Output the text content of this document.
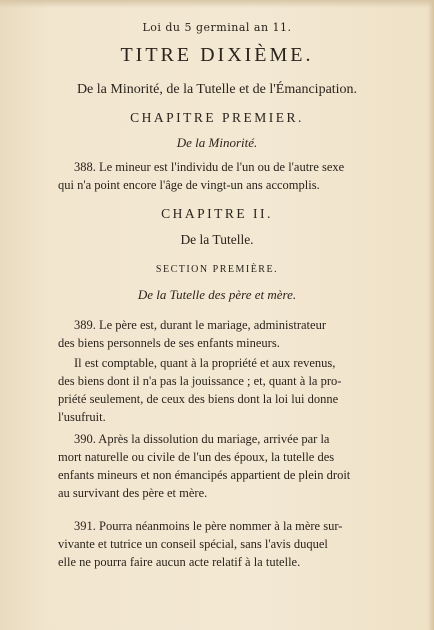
Loi du 5 germinal an 11.
TITRE DIXIÈME.
De la Minorité, de la Tutelle et de l'Émancipation.
CHAPITRE PREMIER.
De la Minorité.
388. Le mineur est l'individu de l'un ou de l'autre sexe
qui n'a point encore l'âge de vingt-un ans accomplis.
CHAPITRE II.
De la Tutelle.
SECTION PREMIÈRE.
De la Tutelle des père et mère.
389. Le père est, durant le mariage, administrateur
des biens personnels de ses enfants mineurs.
Il est comptable, quant à la propriété et aux revenus,
des biens dont il n'a pas la jouissance ; et, quant à la pro-
priété seulement, de ceux des biens dont la loi lui donne
l'usufruit.
390. Après la dissolution du mariage, arrivée par la
mort naturelle ou civile de l'un des époux, la tutelle des
enfants mineurs et non émancipés appartient de plein droit
au survivant des père et mère.
391. Pourra néanmoins le père nommer à la mère sur-
vivante et tutrice un conseil spécial, sans l'avis duquel
elle ne pourra faire aucun acte relatif à la tutelle.
